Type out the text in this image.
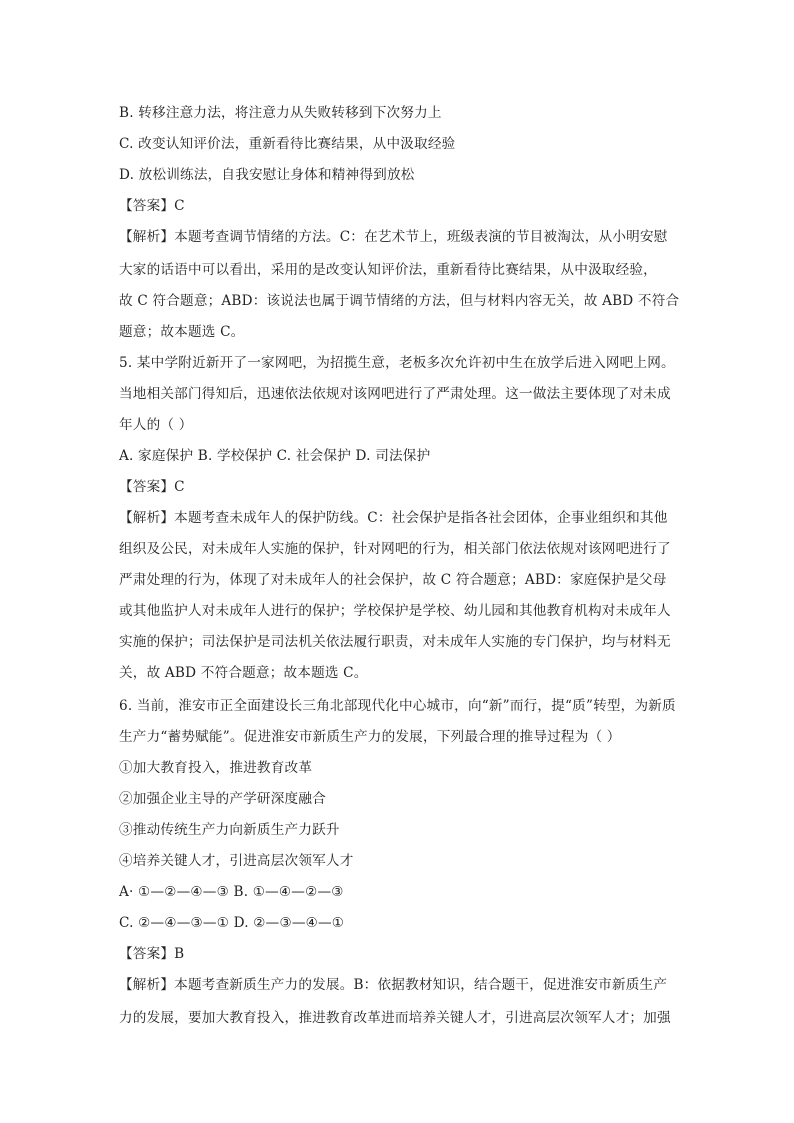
B. 转移注意力法，将注意力从失败转移到下次努力上
C. 改变认知评价法，重新看待比赛结果，从中汲取经验
D. 放松训练法，自我安慰让身体和精神得到放松
【答案】C
【解析】本题考查调节情绪的方法。C：在艺术节上，班级表演的节目被淘汰，从小明安慰
大家的话语中可以看出，采用的是改变认知评价法，重新看待比赛结果，从中汲取经验，
故 C 符合题意；ABD：该说法也属于调节情绪的方法，但与材料内容无关，故 ABD 不符合
题意；故本题选 C。
5. 某中学附近新开了一家网吧，为招揽生意，老板多次允许初中生在放学后进入网吧上网。
当地相关部门得知后，迅速依法依规对该网吧进行了严肃处理。这一做法主要体现了对未成
年人的（ ）
A. 家庭保护 B. 学校保护 C. 社会保护 D. 司法保护
【答案】C
【解析】本题考查未成年人的保护防线。C：社会保护是指各社会团体，企事业组织和其他
组织及公民，对未成年人实施的保护，针对网吧的行为，相关部门依法依规对该网吧进行了
严肃处理的行为，体现了对未成年人的社会保护，故 C 符合题意；ABD：家庭保护是父母
或其他监护人对未成年人进行的保护；学校保护是学校、幼儿园和其他教育机构对未成年人
实施的保护；司法保护是司法机关依法履行职责，对未成年人实施的专门保护，均与材料无
关，故 ABD 不符合题意；故本题选 C。
6. 当前，淮安市正全面建设长三角北部现代化中心城市，向“新”而行，提“质”转型，为新质
生产力“蓄势赋能”。促进淮安市新质生产力的发展，下列最合理的推导过程为（ ）
①加大教育投入，推进教育改革
②加强企业主导的产学研深度融合
③推动传统生产力向新质生产力跃升
④培养关键人才，引进高层次领军人才
A· ①—②—④—③ B. ①—④—②—③
C. ②—④—③—① D. ②—③—④—①
【答案】B
【解析】本题考查新质生产力的发展。B：依据教材知识，结合题干，促进淮安市新质生产
力的发展，要加大教育投入，推进教育改革进而培养关键人才，引进高层次领军人才；加强
